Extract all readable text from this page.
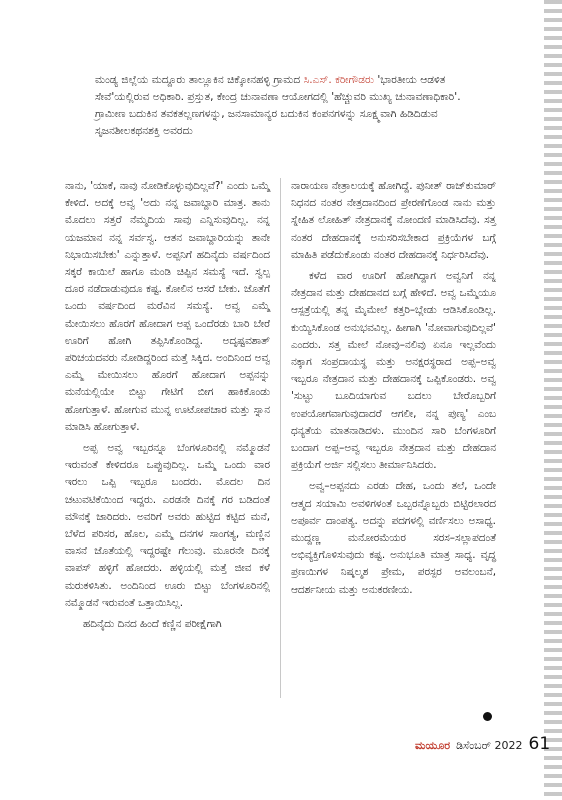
ಮಂಡ್ಯ ಜಿಲ್ಲೆಯ ಮದ್ದೂರು ತಾಲ್ಲೂಕಿನ ಚಿಕ್ಕೋನಹಳ್ಳಿ ಗ್ರಾಮದ ಸಿ.ಎಸ್. ಕರೀಗೌಡರು 'ಭಾರತೀಯ ಆಡಳಿತ ಸೇವೆ'ಯಲ್ಲಿರುವ ಅಧಿಕಾರಿ. ಪ್ರಸ್ತುತ, ಕೇಂದ್ರ ಚುನಾವಣಾ ಆಯೋಗದಲ್ಲಿ 'ಹೆಚ್ಚುವರಿ ಮುಖ್ಯ ಚುನಾವಣಾಧಿಕಾರಿ'. ಗ್ರಾಮೀಣ ಬದುಕಿನ ತವಕತಲ್ಲಣಗಳನ್ನು, ಜನಸಾಮಾನ್ಯರ ಬದುಕಿನ ಕಂಪನಗಳನ್ನು ಸೂಕ್ಷ್ಮವಾಗಿ ಹಿಡಿದಿಡುವ ಸೃಜನಶೀಲಕಥನಶಕ್ತಿ ಅವರದು

ನಾನು, 'ಯಾಕೆ, ನಾವು ನೋಡಿಕೊಳ್ಳುವುದಿಲ್ಲವೆ?' ಎಂದು ಒಮ್ಮೆ ಕೇಳಿದೆ. ಅದಕ್ಕೆ ಅವ್ವ 'ಅದು ನನ್ನ ಜವಾಬ್ದಾರಿ ಮಾತ್ರ. ತಾನು ಮೊದಲು ಸತ್ತರೆ ನೆಮ್ಮದಿಯ ಸಾವು ಎನ್ನಿಸುವುದಿಲ್ಲ. ನನ್ನ ಯಜಮಾನ ನನ್ನ ಸರ್ವಸ್ವ. ಆತನ ಜವಾಬ್ದಾರಿಯನ್ನು ತಾನೇ ನಿಭಾಯಿಸಬೇಕು' ಎನ್ನುತ್ತಾಳೆ. ಅಪ್ಪನಿಗೆ ಹದಿನೈದು ವರ್ಷದಿಂದ ಸಕ್ಕರೆ ಕಾಯಿಲೆ ಹಾಗೂ ಮಂಡಿ ಚಿಪ್ಪಿನ ಸಮಸ್ಯೆ ಇದೆ. ಸ್ವಲ್ಪ ದೂರ ನಡೆದಾಡುವುದೂ ಕಷ್ಟ. ಕೋಲಿನ ಆಸರೆ ಬೇಕು. ಜೊತೆಗೆ ಒಂದು ವರ್ಷದಿಂದ ಮರೆವಿನ ಸಮಸ್ಯೆ. ಅವ್ವ ಎಮ್ಮೆ ಮೇಯಿಸಲು ಹೊರಗೆ ಹೋದಾಗ ಅಪ್ಪ ಒಂದೆರಡು ಬಾರಿ ಬೇರೆ ಊರಿಗೆ ಹೋಗಿ ತಪ್ಪಿಸಿಕೊಂಡಿದ್ದ. ಅದೃಷ್ಟವಶಾತ್ ಪರಿಚಯದವರು ನೋಡಿದ್ದರಿಂದ ಮತ್ತೆ ಸಿಕ್ಕಿದ. ಅಂದಿನಿಂದ ಅವ್ವ ಎಮ್ಮೆ ಮೇಯಿಸಲು ಹೊರಗೆ ಹೋದಾಗ ಅಪ್ಪನನ್ನು ಮನೆಯಲ್ಲಿಯೇ ಬಿಟ್ಟು ಗೇಟಿಗೆ ಬೀಗ ಹಾಕಿಕೊಂಡು ಹೋಗುತ್ತಾಳೆ. ಹೋಗುವ ಮುನ್ನ ಊಟೋಪಚಾರ ಮತ್ತು ಸ್ನಾನ ಮಾಡಿಸಿ ಹೋಗುತ್ತಾಳೆ.

ಅಪ್ಪ ಅವ್ವ ಇಬ್ಬರನ್ನೂ ಬೆಂಗಳೂರಿನಲ್ಲಿ ನಮ್ಮೊಡನೆ ಇರುವಂತೆ ಕೇಳಿದರೂ ಒಪ್ಪುವುದಿಲ್ಲ. ಒಮ್ಮೆ ಒಂದು ವಾರ ಇರಲು ಒಪ್ಪಿ ಇಬ್ಬರೂ ಬಂದರು. ಮೊದಲ ದಿನ ಚಟುವಟಿಕೆಯಿಂದ ಇದ್ದರು. ಎರಡನೇ ದಿನಕ್ಕೆ ಗರ ಬಡಿದಂತೆ ಮೌನಕ್ಕೆ ಜಾರಿದರು. ಅವರಿಗೆ ಅವರು ಹುಟ್ಟಿದ ಕಟ್ಟಿದ ಮನೆ, ಬೆಳೆದ ಪರಿಸರ, ಹೊಲ, ಎಮ್ಮೆ ದನಗಳ ಸಾಂಗತ್ಯ, ಮಣ್ಣಿನ ವಾಸನೆ ಜೊತೆಯಲ್ಲಿ ಇದ್ದರಷ್ಟೇ ಗೆಲುವು. ಮೂರನೇ ದಿನಕ್ಕೆ ವಾಪಸ್ ಹಳ್ಳಿಗೆ ಹೋದರು. ಹಳ್ಳಿಯಲ್ಲಿ ಮತ್ತೆ ಜೀವ ಕಳೆ ಮರುಕಳಿಸಿತು. ಅಂದಿನಿಂದ ಊರು ಬಿಟ್ಟು ಬೆಂಗಳೂರಿನಲ್ಲಿ ನಮ್ಮೊಡನೆ ಇರುವಂತೆ ಒತ್ತಾಯಿಸಿಲ್ಲ.

ಹದಿನೈದು ದಿನದ ಹಿಂದೆ ಕಣ್ಣಿನ ಪರೀಕ್ಷೆಗಾಗಿ

ನಾರಾಯಣ ನೇತ್ರಾಲಯಕ್ಕೆ ಹೋಗಿದ್ದೆ. ಪುನೀತ್ ರಾಜ್‌ಕುಮಾರ್ ನಿಧನದ ನಂತರ ನೇತ್ರದಾನದಿಂದ ಪ್ರೇರಣೆಗೊಂಡ ನಾನು ಮತ್ತು ಸ್ನೇಹಿತ ಲೋಹಿತ್ ನೇತ್ರದಾನಕ್ಕೆ ನೋಂದಣಿ ಮಾಡಿಸಿದೆವು. ಸತ್ತ ನಂತರ ದೇಹದಾನಕ್ಕೆ ಅನುಸರಿಸಬೇಕಾದ ಪ್ರಕ್ರಿಯೆಗಳ ಬಗ್ಗೆ ಮಾಹಿತಿ ಪಡೆದುಕೊಂಡು ನಂತರ ದೇಹದಾನಕ್ಕೆ ನಿರ್ಧರಿಸಿದೆವು.

ಕಳೆದ ವಾರ ಊರಿಗೆ ಹೋಗಿದ್ದಾಗ ಅವ್ವನಿಗೆ ನನ್ನ ನೇತ್ರದಾನ ಮತ್ತು ದೇಹದಾನದ ಬಗ್ಗೆ ಹೇಳಿದೆ. ಅವ್ವ ಒಮ್ಮೆಯೂ ಆಸ್ಪತ್ರೆಯಲ್ಲಿ ತನ್ನ ಮೈಮೇಲೆ ಕತ್ತರಿ–ಬ್ಲೇಡು ಆಡಿಸಿಕೊಂಡಿಲ್ಲ. ಕುಯ್ಯಿಸಿಕೊಂಡ ಅನುಭವವಿಲ್ಲ. ಹೀಗಾಗಿ 'ನೋವಾಗುವುದಿಲ್ಲವೆ' ಎಂದರು. ಸತ್ತ ಮೇಲೆ ನೋವು–ನಲಿವು ಏನೂ ಇಲ್ಲವೆಂದು ನಕ್ಕಾಗ ಸಂಪ್ರದಾಯಸ್ಥ ಮತ್ತು ಅನಕ್ಷರಸ್ಥರಾದ ಅಪ್ಪ–ಅವ್ವ ಇಬ್ಬರೂ ನೇತ್ರದಾನ ಮತ್ತು ದೇಹದಾನಕ್ಕೆ ಒಪ್ಪಿಕೊಂಡರು. ಅವ್ವ 'ಸುಟ್ಟು ಬೂದಿಯಾಗುವ ಬದಲು ಬೇರೊಬ್ಬರಿಗೆ ಉಪಯೋಗವಾಗುವುದಾದರೆ ಆಗಲೀ, ನನ್ನ ಪುಣ್ಯ' ಎಂಬ ಧನ್ಯತೆಯ ಮಾತನಾಡಿದಳು. ಮುಂದಿನ ಸಾರಿ ಬೆಂಗಳೂರಿಗೆ ಬಂದಾಗ ಅಪ್ಪ–ಅವ್ವ ಇಬ್ಬರೂ ನೇತ್ರದಾನ ಮತ್ತು ದೇಹದಾನ ಪ್ರಕ್ರಿಯೆಗೆ ಅರ್ಜಿ ಸಲ್ಲಿಸಲು ತೀರ್ಮಾನಿಸಿದರು.

ಅವ್ವ–ಅಪ್ಪನದು ಎರಡು ದೇಹ, ಒಂದು ತಲೆ, ಒಂದೇ ಆತ್ಮದ ಸಯಾಮಿ ಅವಳಿಗಳಂತೆ ಒಬ್ಬರನ್ನೊಬ್ಬರು ಬಿಟ್ಟಿರಲಾರದ ಅಪೂರ್ವ ದಾಂಪತ್ಯ. ಅದನ್ನು ಪದಗಳಲ್ಲಿ ವರ್ಣಿಸಲು ಅಸಾಧ್ಯ. ಮುದ್ದಣ್ಣ ಮನೋರಮೆಯರ ಸರಸ–ಸಲ್ಲಾಪದಂತೆ ಅಭಿವ್ಯಕ್ತಿಗೊಳಿಸುವುದು ಕಷ್ಟ. ಅನುಭೂತಿ ಮಾತ್ರ ಸಾಧ್ಯ. ವೃದ್ಧ ಪ್ರಣಯಿಗಳ ನಿಷ್ಕಲ್ಮಶ ಪ್ರೇಮ, ಪರಸ್ಪರ ಅವಲಂಬನೆ, ಆದರ್ಶನೀಯ ಮತ್ತು ಅನುಕರಣೀಯ.

ಮಯೂರ ಡಿಸೆಂಬರ್ 2022 61
